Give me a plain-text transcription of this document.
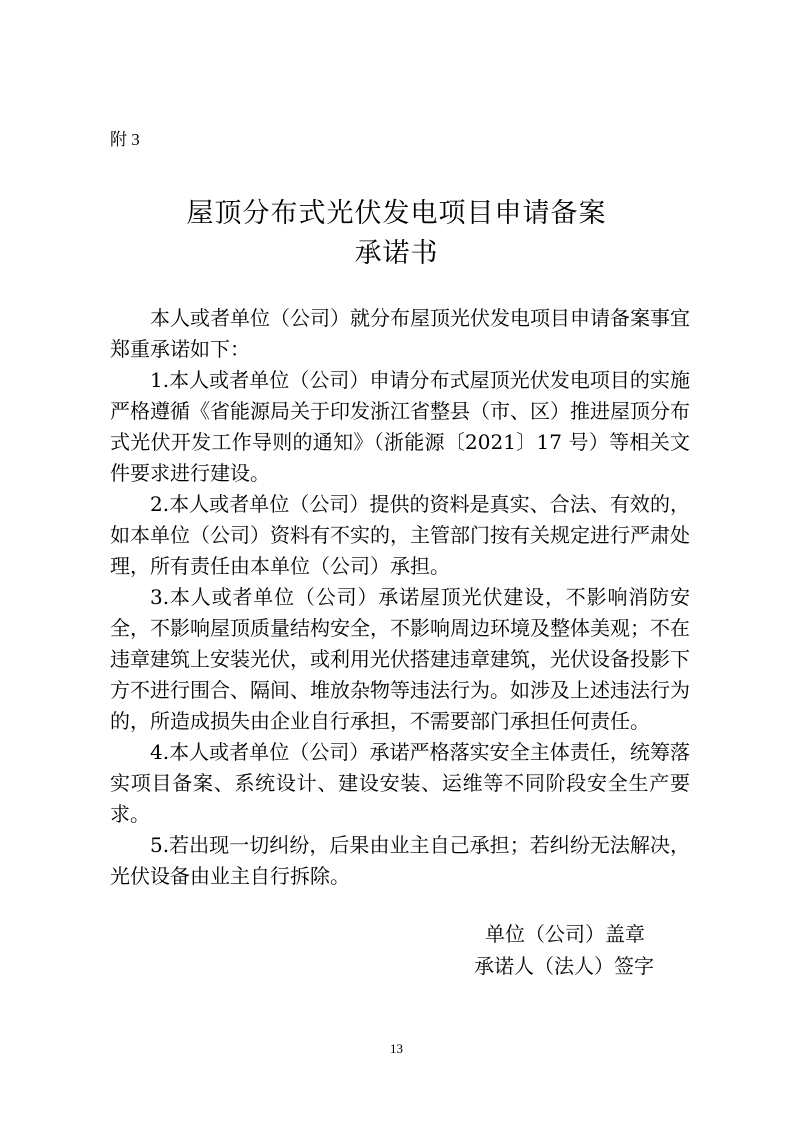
附 3
屋顶分布式光伏发电项目申请备案
承诺书

本人或者单位（公司）就分布屋顶光伏发电项目申请备案事宜郑重承诺如下：

1.本人或者单位（公司）申请分布式屋顶光伏发电项目的实施严格遵循《省能源局关于印发浙江省整县（市、区）推进屋顶分布式光伏开发工作导则的通知》（浙能源〔2021〕17 号）等相关文件要求进行建设。

2.本人或者单位（公司）提供的资料是真实、合法、有效的，如本单位（公司）资料有不实的，主管部门按有关规定进行严肃处理，所有责任由本单位（公司）承担。

3.本人或者单位（公司）承诺屋顶光伏建设，不影响消防安全，不影响屋顶质量结构安全，不影响周边环境及整体美观；不在违章建筑上安装光伏，或利用光伏搭建违章建筑，光伏设备投影下方不进行围合、隔间、堆放杂物等违法行为。如涉及上述违法行为的，所造成损失由企业自行承担，不需要部门承担任何责任。

4.本人或者单位（公司）承诺严格落实安全主体责任，统筹落实项目备案、系统设计、建设安装、运维等不同阶段安全生产要求。

5.若出现一切纠纷，后果由业主自己承担；若纠纷无法解决，光伏设备由业主自行拆除。

单位（公司）盖章
承诺人（法人）签字
13
